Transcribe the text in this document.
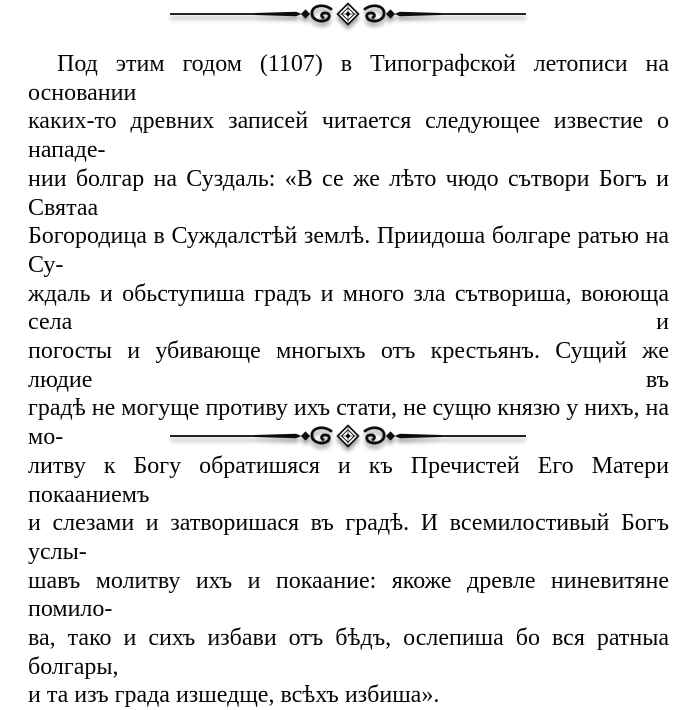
Под этим годом (1107) в Типографской летописи на основании
каких-то древних записей читается следующее известие о нападе-
нии болгар на Суздаль: «В се же лѣто чюдо сътвори Богъ и Святаа
Богородица в Суждалстѣй землѣ. Приидоша болгаре ратью на Су-
ждаль и обьступиша градъ и много зла сътвориша, воююща села и
погосты и убивающе многыхъ отъ крестьянъ. Сущий же людие въ
градѣ не могуще противу ихъ стати, не сущю князю у нихъ, на мо-
литву к Богу обратишяся и къ Пречистей Его Матери покааниемъ
и слезами и затворишася въ градѣ. И всемилостивый Богъ услы-
шавъ молитву ихъ и покаание: якоже древле ниневитяне помило-
ва, тако и сихъ избави отъ бѣдъ, ослепиша бо вся ратныа болгары,
и та изъ града изшедще, всѣхъ избиша».
